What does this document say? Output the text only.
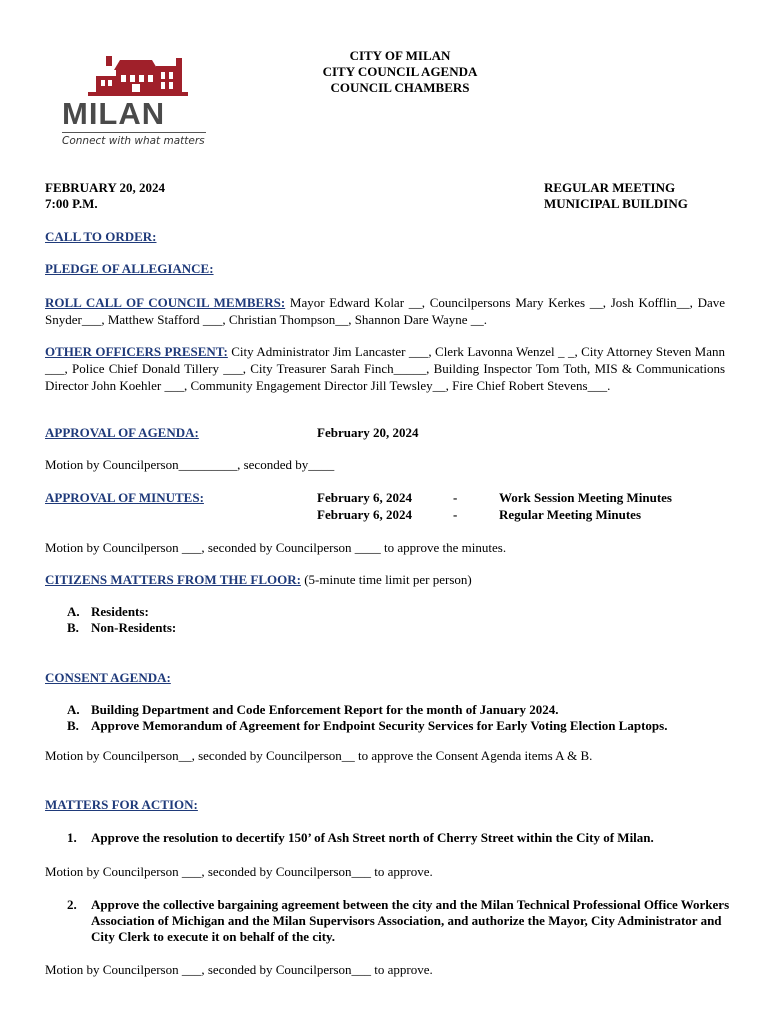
MILAN
Connect with what matters
CITY OF MILAN
CITY COUNCIL AGENDA
COUNCIL CHAMBERS
FEBRUARY 20, 2024
7:00 P.M.
REGULAR MEETING
MUNICIPAL BUILDING
CALL TO ORDER:
PLEDGE OF ALLEGIANCE:
ROLL CALL OF COUNCIL MEMBERS: Mayor Edward Kolar __, Councilpersons Mary Kerkes __, Josh Kofflin__, Dave Snyder___, Matthew Stafford ___, Christian Thompson__, Shannon Dare Wayne __.
OTHER OFFICERS PRESENT: City Administrator Jim Lancaster ___, Clerk Lavonna Wenzel _ _, City Attorney Steven Mann ___, Police Chief Donald Tillery ___, City Treasurer Sarah Finch_____, Building Inspector Tom Toth, MIS & Communications Director John Koehler ___, Community Engagement Director Jill Tewsley__, Fire Chief Robert Stevens___.
APPROVAL OF AGENDA:	February 20, 2024
Motion by Councilperson_________, seconded by____
APPROVAL OF MINUTES:	February 6, 2024	-	Work Session Meeting Minutes
February 6, 2024	-	Regular Meeting Minutes
Motion by Councilperson ___, seconded by Councilperson ____ to approve the minutes.
CITIZENS MATTERS FROM THE FLOOR: (5-minute time limit per person)
A. Residents:
B. Non-Residents:
CONSENT AGENDA:
A. Building Department and Code Enforcement Report for the month of January 2024.
B. Approve Memorandum of Agreement for Endpoint Security Services for Early Voting Election Laptops.
Motion by Councilperson__, seconded by Councilperson__ to approve the Consent Agenda items A & B.
MATTERS FOR ACTION:
1. Approve the resolution to decertify 150’ of Ash Street north of Cherry Street within the City of Milan.
Motion by Councilperson ___, seconded by Councilperson___ to approve.
2. Approve the collective bargaining agreement between the city and the Milan Technical Professional Office Workers Association of Michigan and the Milan Supervisors Association, and authorize the Mayor, City Administrator and City Clerk to execute it on behalf of the city.
Motion by Councilperson ___, seconded by Councilperson___ to approve.
